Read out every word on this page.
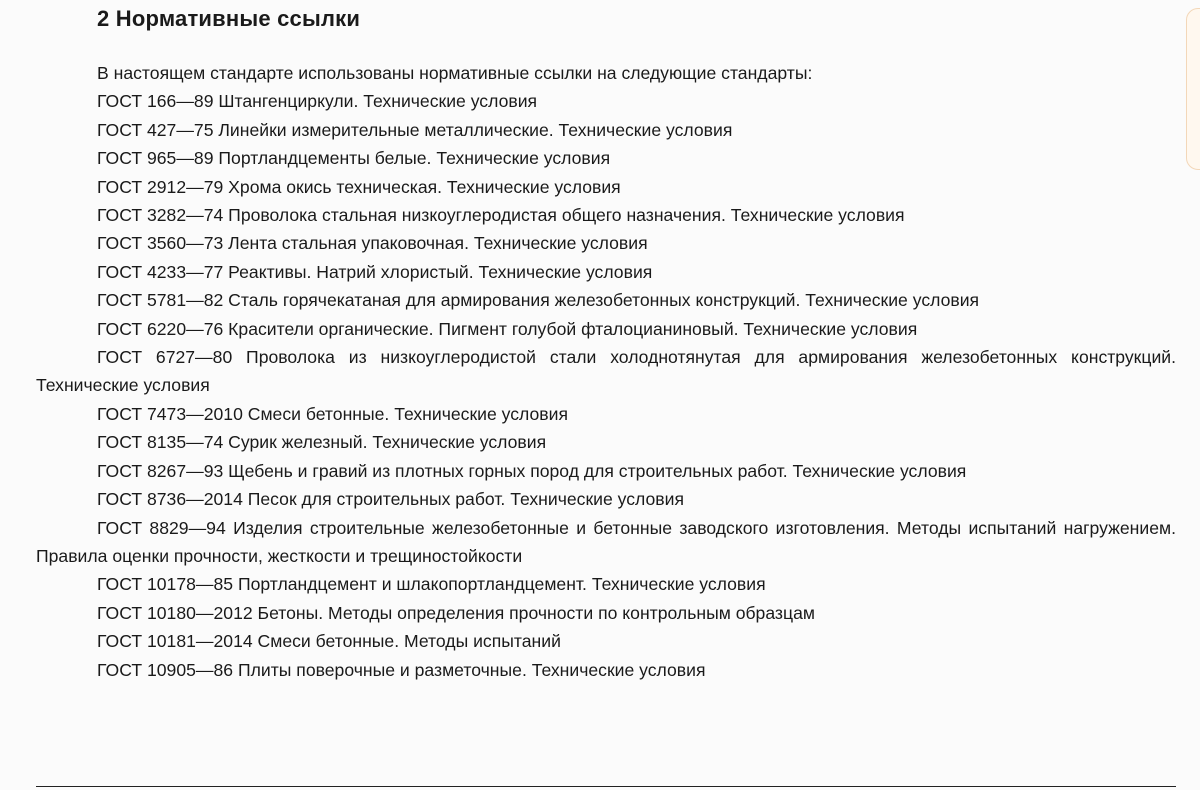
2 Нормативные ссылки

В настоящем стандарте использованы нормативные ссылки на следующие стандарты:

ГОСТ 166—89 Штангенциркули. Технические условия

ГОСТ 427—75 Линейки измерительные металлические. Технические условия

ГОСТ 965—89 Портландцементы белые. Технические условия

ГОСТ 2912—79 Хрома окись техническая. Технические условия

ГОСТ 3282—74 Проволока стальная низкоуглеродистая общего назначения. Технические условия

ГОСТ 3560—73 Лента стальная упаковочная. Технические условия

ГОСТ 4233—77 Реактивы. Натрий хлористый. Технические условия

ГОСТ 5781—82 Сталь горячекатаная для армирования железобетонных конструкций. Технические условия

ГОСТ 6220—76 Красители органические. Пигмент голубой фталоцианиновый. Технические условия

ГОСТ 6727—80 Проволока из низкоуглеродистой стали холоднотянутая для армирования железобетонных конструкций. Технические условия

ГОСТ 7473—2010 Смеси бетонные. Технические условия

ГОСТ 8135—74 Сурик железный. Технические условия

ГОСТ 8267—93 Щебень и гравий из плотных горных пород для строительных работ. Технические условия

ГОСТ 8736—2014 Песок для строительных работ. Технические условия

ГОСТ 8829—94 Изделия строительные железобетонные и бетонные заводского изготовления. Методы испытаний нагружением. Правила оценки прочности, жесткости и трещиностойкости

ГОСТ 10178—85 Портландцемент и шлакопортландцемент. Технические условия

ГОСТ 10180—2012 Бетоны. Методы определения прочности по контрольным образцам

ГОСТ 10181—2014 Смеси бетонные. Методы испытаний

ГОСТ 10905—86 Плиты поверочные и разметочные. Технические условия
